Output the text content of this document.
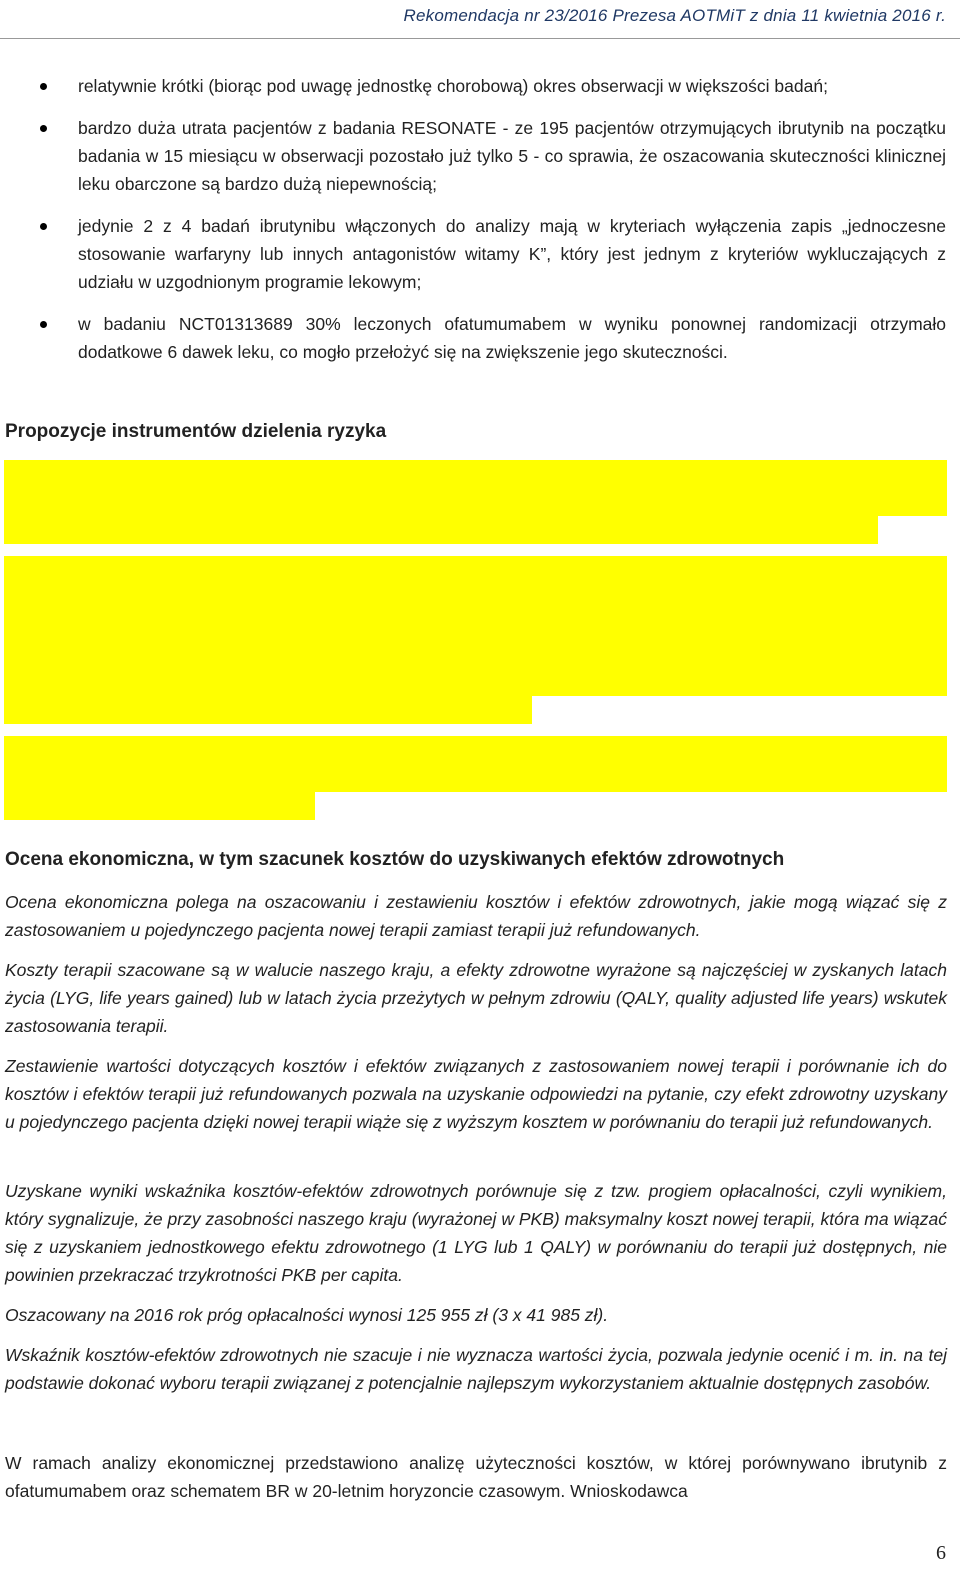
Rekomendacja nr 23/2016 Prezesa AOTMiT z dnia 11 kwietnia 2016 r.
relatywnie krótki (biorąc pod uwagę jednostkę chorobową) okres obserwacji w większości badań;
bardzo duża utrata pacjentów z badania RESONATE - ze 195 pacjentów otrzymujących ibrutynib na początku badania w 15 miesiącu w obserwacji pozostało już tylko 5 - co sprawia, że oszacowania skuteczności klinicznej leku obarczone są bardzo dużą niepewnością;
jedynie 2 z 4 badań ibrutynibu włączonych do analizy mają w kryteriach wyłączenia zapis „jednoczesne stosowanie warfaryny lub innych antagonistów witamy K”, który jest jednym z kryteriów wykluczających z udziału w uzgodnionym programie lekowym;
w badaniu NCT01313689 30% leczonych ofatumumabem w wyniku ponownej randomizacji otrzymało dodatkowe 6 dawek leku, co mogło przełożyć się na zwiększenie jego skuteczności.
Propozycje instrumentów dzielenia ryzyka
Ocena ekonomiczna, w tym szacunek kosztów do uzyskiwanych efektów zdrowotnych
Ocena ekonomiczna polega na oszacowaniu i zestawieniu kosztów i efektów zdrowotnych, jakie mogą wiązać się z zastosowaniem u pojedynczego pacjenta nowej terapii zamiast terapii już refundowanych.
Koszty terapii szacowane są w walucie naszego kraju, a efekty zdrowotne wyrażone są najczęściej w zyskanych latach życia (LYG, life years gained) lub w latach życia przeżytych w pełnym zdrowiu (QALY, quality adjusted life years) wskutek zastosowania terapii.
Zestawienie wartości dotyczących kosztów i efektów związanych z zastosowaniem nowej terapii i porównanie ich do kosztów i efektów terapii już refundowanych pozwala na uzyskanie odpowiedzi na pytanie, czy efekt zdrowotny uzyskany u pojedynczego pacjenta dzięki nowej terapii wiąże się z wyższym kosztem w porównaniu do terapii już refundowanych.
Uzyskane wyniki wskaźnika kosztów-efektów zdrowotnych porównuje się z tzw. progiem opłacalności, czyli wynikiem, który sygnalizuje, że przy zasobności naszego kraju (wyrażonej w PKB) maksymalny koszt nowej terapii, która ma wiązać się z uzyskaniem jednostkowego efektu zdrowotnego (1 LYG lub 1 QALY) w porównaniu do terapii już dostępnych, nie powinien przekraczać trzykrotności PKB per capita.
Oszacowany na 2016 rok próg opłacalności wynosi 125 955 zł (3 x 41 985 zł).
Wskaźnik kosztów-efektów zdrowotnych nie szacuje i nie wyznacza wartości życia, pozwala jedynie ocenić i m. in. na tej podstawie dokonać wyboru terapii związanej z potencjalnie najlepszym wykorzystaniem aktualnie dostępnych zasobów.
W ramach analizy ekonomicznej przedstawiono analizę użyteczności kosztów, w której porównywano ibrutynib z ofatumumabem oraz schematem BR w 20-letnim horyzoncie czasowym. Wnioskodawca
6
